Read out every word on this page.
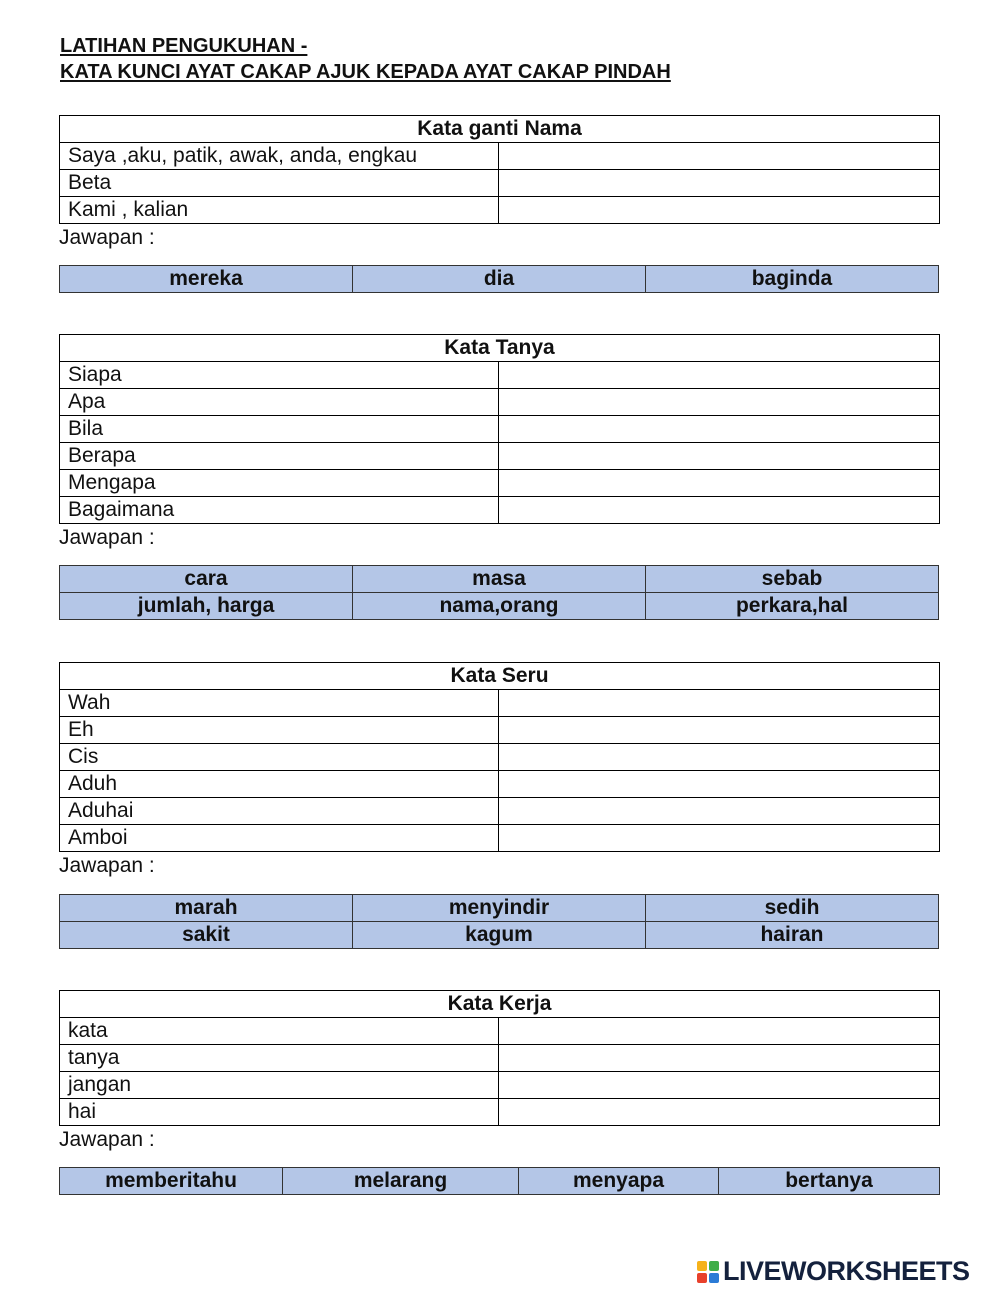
LATIHAN PENGUKUHAN -
KATA KUNCI AYAT CAKAP AJUK KEPADA AYAT CAKAP PINDAH
Kata ganti Nama	
Saya ,aku, patik, awak, anda, engkau	
Beta	
Kami , kalian	
Jawapan :
mereka	dia	baginda
Kata Tanya	
Siapa	
Apa	
Bila	
Berapa	
Mengapa	
Bagaimana	
Jawapan :
cara	masa	sebab
jumlah, harga	nama,orang	perkara,hal
Kata Seru	
Wah	
Eh	
Cis	
Aduh	
Aduhai	
Amboi	
Jawapan :
marah	menyindir	sedih
sakit	kagum	hairan
Kata Kerja	
kata	
tanya	
jangan	
hai	
Jawapan :
memberitahu	melarang	menyapa	bertanya
LIVEWORKSHEETS
